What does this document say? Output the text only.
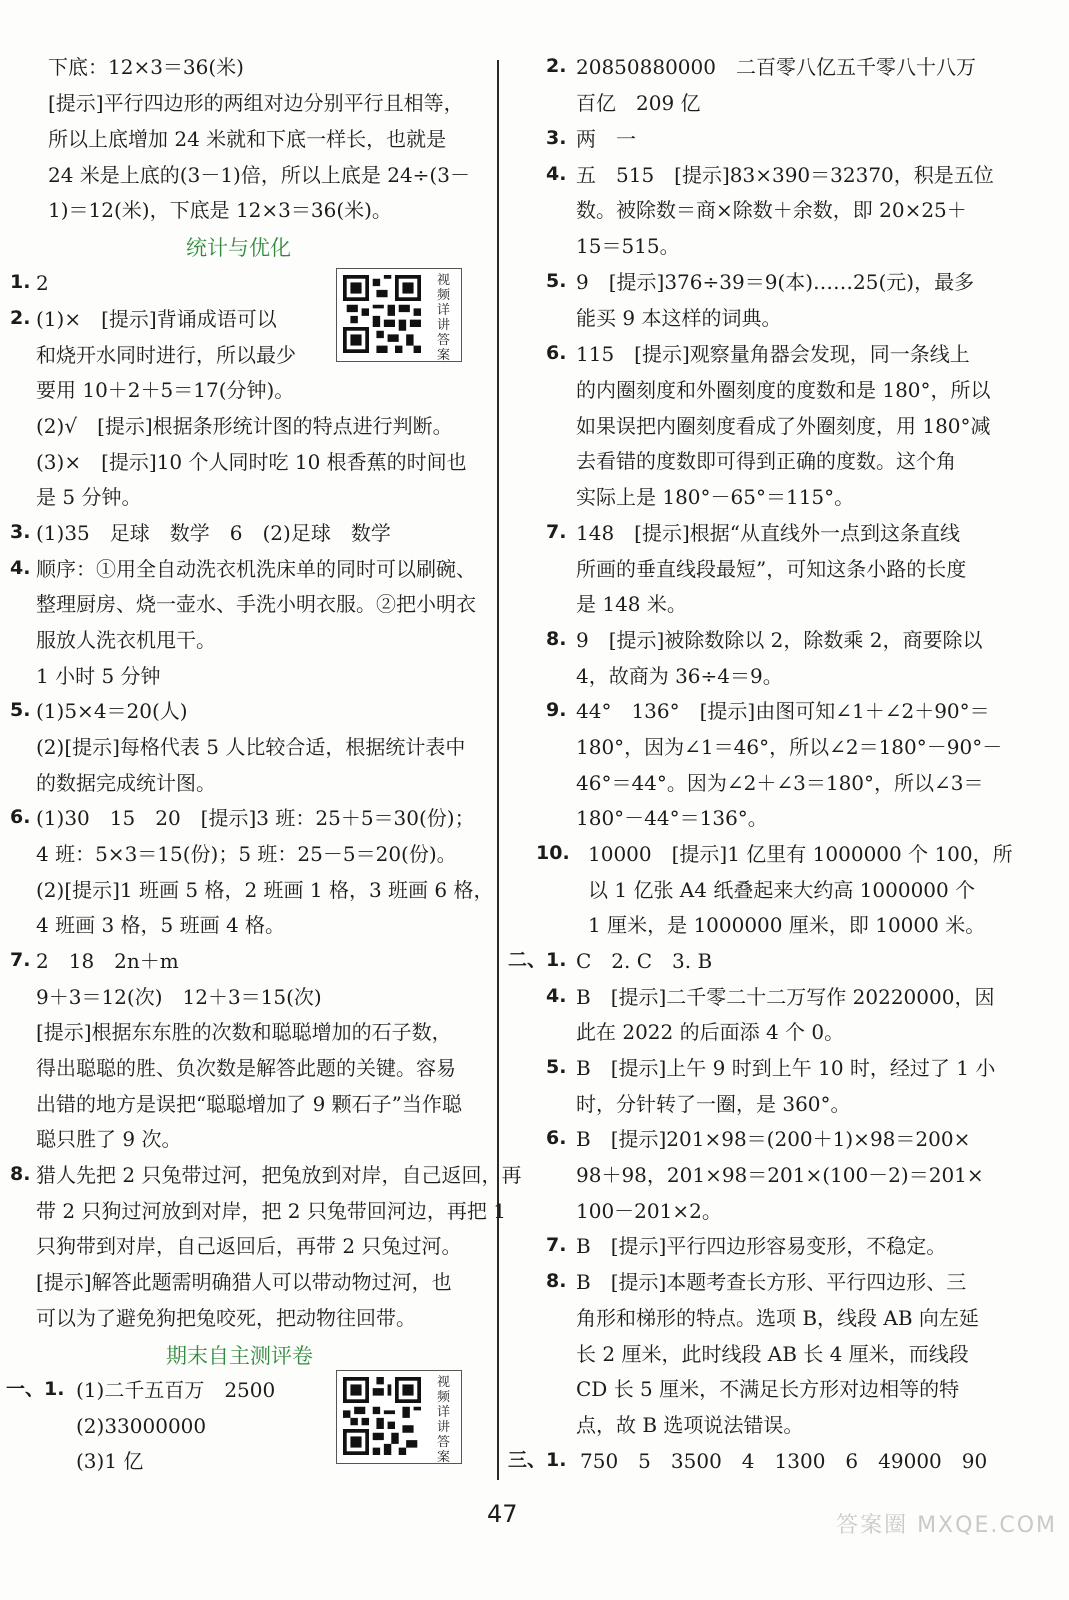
下底：12×3＝36(米)
[提示]平行四边形的两组对边分别平行且相等，
所以上底增加 24 米就和下底一样长，也就是
24 米是上底的(3－1)倍，所以上底是 24÷(3－
1)＝12(米)，下底是 12×3＝36(米)。
统计与优化
视频详讲答案
1. 2
2. (1)×　[提示]背诵成语可以
和烧开水同时进行，所以最少
要用 10＋2＋5＝17(分钟)。
(2)√　[提示]根据条形统计图的特点进行判断。
(3)×　[提示]10 个人同时吃 10 根香蕉的时间也
是 5 分钟。
3. (1)35　足球　数学　6　(2)足球　数学
4. 顺序：①用全自动洗衣机洗床单的同时可以刷碗、
整理厨房、烧一壶水、手洗小明衣服。②把小明衣
服放人洗衣机甩干。
1 小时 5 分钟
5. (1)5×4＝20(人)
(2)[提示]每格代表 5 人比较合适，根据统计表中
的数据完成统计图。
6. (1)30　15　20　[提示]3 班：25＋5＝30(份)；
4 班：5×3＝15(份)；5 班：25－5＝20(份)。
(2)[提示]1 班画 5 格，2 班画 1 格，3 班画 6 格，
4 班画 3 格，5 班画 4 格。
7. 2　18　2n＋m
9＋3＝12(次)　12＋3＝15(次)
[提示]根据东东胜的次数和聪聪增加的石子数，
得出聪聪的胜、负次数是解答此题的关键。容易
出错的地方是误把“聪聪增加了 9 颗石子”当作聪
聪只胜了 9 次。
8. 猎人先把 2 只兔带过河，把兔放到对岸，自己返回，再
带 2 只狗过河放到对岸，把 2 只兔带回河边，再把 1
只狗带到对岸，自己返回后，再带 2 只兔过河。
[提示]解答此题需明确猎人可以带动物过河，也
可以为了避免狗把兔咬死，把动物往回带。
期末自主测评卷
视频详讲答案
一、1. (1)二千五百万　2500
(2)33000000
(3)1 亿
2. 20850880000　二百零八亿五千零八十八万
百亿　209 亿
3. 两　一
4. 五　515　[提示]83×390＝32370，积是五位
数。被除数＝商×除数＋余数，即 20×25＋
15＝515。
5. 9　[提示]376÷39＝9(本)……25(元)，最多
能买 9 本这样的词典。
6. 115　[提示]观察量角器会发现，同一条线上
的内圈刻度和外圈刻度的度数和是 180°，所以
如果误把内圈刻度看成了外圈刻度，用 180°减
去看错的度数即可得到正确的度数。这个角
实际上是 180°－65°＝115°。
7. 148　[提示]根据“从直线外一点到这条直线
所画的垂直线段最短”，可知这条小路的长度
是 148 米。
8. 9　[提示]被除数除以 2，除数乘 2，商要除以
4，故商为 36÷4＝9。
9. 44°　136°　[提示]由图可知∠1＋∠2＋90°＝
180°，因为∠1＝46°，所以∠2＝180°－90°－
46°＝44°。因为∠2＋∠3＝180°，所以∠3＝
180°－44°＝136°。
10. 10000　[提示]1 亿里有 1000000 个 100，所
以 1 亿张 A4 纸叠起来大约高 1000000 个
1 厘米，是 1000000 厘米，即 10000 米。
二、1. C　2. C　3. B
4. B　[提示]二千零二十二万写作 20220000，因
此在 2022 的后面添 4 个 0。
5. B　[提示]上午 9 时到上午 10 时，经过了 1 小
时，分针转了一圈，是 360°。
6. B　[提示]201×98＝(200＋1)×98＝200×
98＋98，201×98＝201×(100－2)＝201×
100－201×2。
7. B　[提示]平行四边形容易变形，不稳定。
8. B　[提示]本题考查长方形、平行四边形、三
角形和梯形的特点。选项 B，线段 AB 向左延
长 2 厘米，此时线段 AB 长 4 厘米，而线段
CD 长 5 厘米，不满足长方形对边相等的特
点，故 B 选项说法错误。
三、1. 750　5　3500　4　1300　6　49000　90
47	答案圈 MXQE.COM
